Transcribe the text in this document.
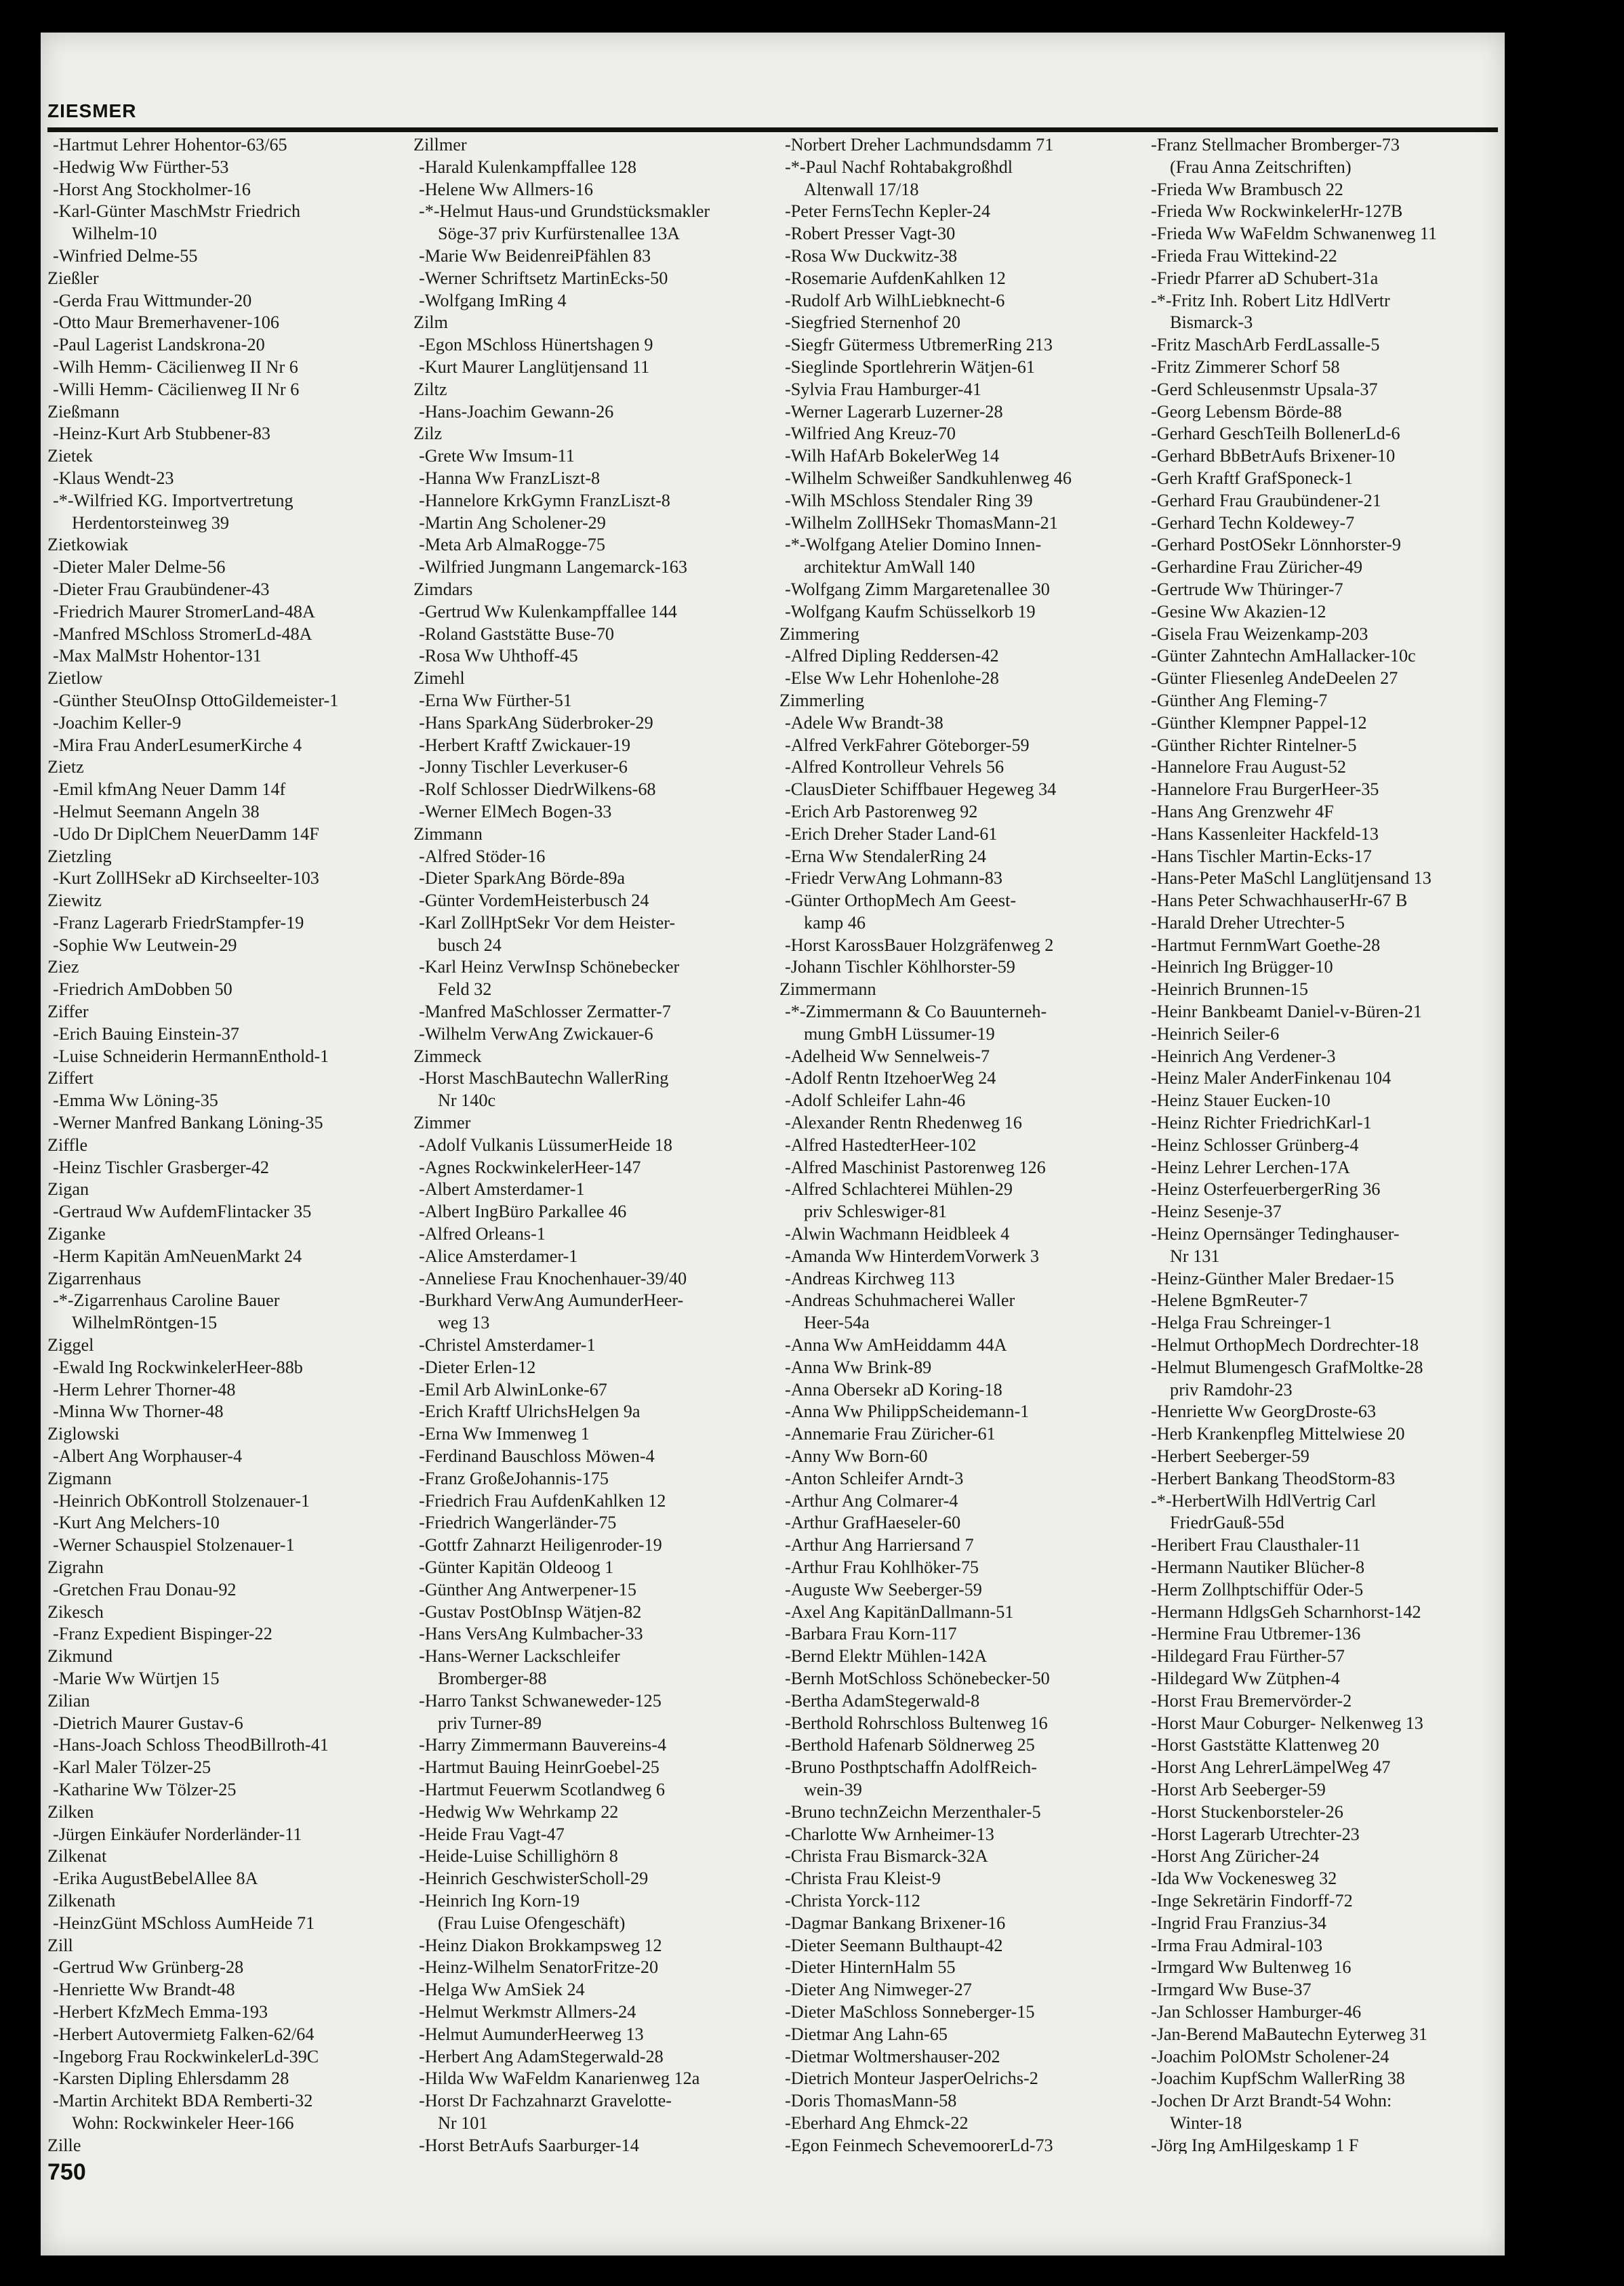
ZIESMER
- Hartmut Lehrer Hohentor-63/65
- Hedwig Ww Fürther-53
- Horst Ang Stockholmer-16
- Karl-Günter MaschMstr Friedrich
Wilhelm-10
- Winfried Delme-55
Zießler
- Gerda Frau Wittmunder-20
- Otto Maur Bremerhavener-106
- Paul Lagerist Landskrona-20
- Wilh Hemm- Cäcilienweg II Nr 6
- Willi Hemm- Cäcilienweg II Nr 6
Zießmann
- Heinz-Kurt Arb Stubbener-83
Zietek
- Klaus Wendt-23
- *-Wilfried KG. Importvertretung
Herdentorsteinweg 39
Zietkowiak
- Dieter Maler Delme-56
- Dieter Frau Graubündener-43
- Friedrich Maurer StromerLand-48A
- Manfred MSchloss StromerLd-48A
- Max MalMstr Hohentor-131
Zietlow
- Günther SteuOInsp OttoGildemeister-1
- Joachim Keller-9
- Mira Frau AnderLesumerKirche 4
Zietz
- Emil kfmAng Neuer Damm 14f
- Helmut Seemann Angeln 38
- Udo Dr DiplChem NeuerDamm 14F
Zietzling
- Kurt ZollHSekr aD Kirchseelter-103
Ziewitz
- Franz Lagerarb FriedrStampfer-19
- Sophie Ww Leutwein-29
Ziez
- Friedrich AmDobben 50
Ziffer
- Erich Bauing Einstein-37
- Luise Schneiderin HermannEnthold-1
Ziffert
- Emma Ww Löning-35
- Werner Manfred Bankang Löning-35
Ziffle
- Heinz Tischler Grasberger-42
Zigan
- Gertraud Ww AufdemFlintacker 35
Ziganke
- Herm Kapitän AmNeuenMarkt 24
Zigarrenhaus
- *-Zigarrenhaus Caroline Bauer
WilhelmRöntgen-15
Ziggel
- Ewald Ing RockwinkelerHeer-88b
- Herm Lehrer Thorner-48
- Minna Ww Thorner-48
Ziglowski
- Albert Ang Worphauser-4
Zigmann
- Heinrich ObKontroll Stolzenauer-1
- Kurt Ang Melchers-10
- Werner Schauspiel Stolzenauer-1
Zigrahn
- Gretchen Frau Donau-92
Zikesch
- Franz Expedient Bispinger-22
Zikmund
- Marie Ww Würtjen 15
Zilian
- Dietrich Maurer Gustav-6
- Hans-Joach Schloss TheodBillroth-41
- Karl Maler Tölzer-25
- Katharine Ww Tölzer-25
Zilken
- Jürgen Einkäufer Norderländer-11
Zilkenat
- Erika AugustBebelAllee 8A
Zilkenath
- HeinzGünt MSchloss AumHeide 71
Zill
- Gertrud Ww Grünberg-28
- Henriette Ww Brandt-48
- Herbert KfzMech Emma-193
- Herbert Autovermietg Falken-62/64
- Ingeborg Frau RockwinkelerLd-39C
- Karsten Dipling Ehlersdamm 28
- Martin Architekt BDA Remberti-32
Wohn: Rockwinkeler Heer-166
Zille
Zillmer
- Harald Kulenkampffallee 128
- Helene Ww Allmers-16
- *-Helmut Haus-und Grundstücksmakler
Söge-37 priv Kurfürstenallee 13A
- Marie Ww BeidenreiPfählen 83
- Werner Schriftsetz MartinEcks-50
- Wolfgang ImRing 4
Zilm
- Egon MSchloss Hünertshagen 9
- Kurt Maurer Langlütjensand 11
Ziltz
- Hans-Joachim Gewann-26
Zilz
- Grete Ww Imsum-11
- Hanna Ww FranzLiszt-8
- Hannelore KrkGymn FranzLiszt-8
- Martin Ang Scholener-29
- Meta Arb AlmaRogge-75
- Wilfried Jungmann Langemarck-163
Zimdars
- Gertrud Ww Kulenkampffallee 144
- Roland Gaststätte Buse-70
- Rosa Ww Uhthoff-45
Zimehl
- Erna Ww Fürther-51
- Hans SparkAng Süderbroker-29
- Herbert Kraftf Zwickauer-19
- Jonny Tischler Leverkuser-6
- Rolf Schlosser DiedrWilkens-68
- Werner ElMech Bogen-33
Zimmann
- Alfred Stöder-16
- Dieter SparkAng Börde-89a
- Günter VordemHeisterbusch 24
- Karl ZollHptSekr Vor dem Heister-
busch 24
- Karl Heinz VerwInsp Schönebecker
Feld 32
- Manfred MaSchlosser Zermatter-7
- Wilhelm VerwAng Zwickauer-6
Zimmeck
- Horst MaschBautechn WallerRing
Nr 140c
Zimmer
- Adolf Vulkanis LüssumerHeide 18
- Agnes RockwinkelerHeer-147
- Albert Amsterdamer-1
- Albert IngBüro Parkallee 46
- Alfred Orleans-1
- Alice Amsterdamer-1
- Anneliese Frau Knochenhauer-39/40
- Burkhard VerwAng AumunderHeer-
weg 13
- Christel Amsterdamer-1
- Dieter Erlen-12
- Emil Arb AlwinLonke-67
- Erich Kraftf UlrichsHelgen 9a
- Erna Ww Immenweg 1
- Ferdinand Bauschloss Möwen-4
- Franz GroßeJohannis-175
- Friedrich Frau AufdenKahlken 12
- Friedrich Wangerländer-75
- Gottfr Zahnarzt Heiligenroder-19
- Günter Kapitän Oldeoog 1
- Günther Ang Antwerpener-15
- Gustav PostObInsp Wätjen-82
- Hans VersAng Kulmbacher-33
- Hans-Werner Lackschleifer
Bromberger-88
- Harro Tankst Schwaneweder-125
priv Turner-89
- Harry Zimmermann Bauvereins-4
- Hartmut Bauing HeinrGoebel-25
- Hartmut Feuerwm Scotlandweg 6
- Hedwig Ww Wehrkamp 22
- Heide Frau Vagt-47
- Heide-Luise Schillighörn 8
- Heinrich GeschwisterScholl-29
- Heinrich Ing Korn-19
(Frau Luise Ofengeschäft)
- Heinz Diakon Brokkampsweg 12
- Heinz-Wilhelm SenatorFritze-20
- Helga Ww AmSiek 24
- Helmut Werkmstr Allmers-24
- Helmut AumunderHeerweg 13
- Herbert Ang AdamStegerwald-28
- Hilda Ww WaFeldm Kanarienweg 12a
- Horst Dr Fachzahnarzt Gravelotte-
Nr 101
- Horst BetrAufs Saarburger-14
- Norbert Dreher Lachmundsdamm 71
- *-Paul Nachf Rohtabakgroßhdl
Altenwall 17/18
- Peter FernsTechn Kepler-24
- Robert Presser Vagt-30
- Rosa Ww Duckwitz-38
- Rosemarie AufdenKahlken 12
- Rudolf Arb WilhLiebknecht-6
- Siegfried Sternenhof 20
- Siegfr Gütermess UtbremerRing 213
- Sieglinde Sportlehrerin Wätjen-61
- Sylvia Frau Hamburger-41
- Werner Lagerarb Luzerner-28
- Wilfried Ang Kreuz-70
- Wilh HafArb BokelerWeg 14
- Wilhelm Schweißer Sandkuhlenweg 46
- Wilh MSchloss Stendaler Ring 39
- Wilhelm ZollHSekr ThomasMann-21
- *-Wolfgang Atelier Domino Innen-
architektur AmWall 140
- Wolfgang Zimm Margaretenallee 30
- Wolfgang Kaufm Schüsselkorb 19
Zimmering
- Alfred Dipling Reddersen-42
- Else Ww Lehr Hohenlohe-28
Zimmerling
- Adele Ww Brandt-38
- Alfred VerkFahrer Göteborger-59
- Alfred Kontrolleur Vehrels 56
- ClausDieter Schiffbauer Hegeweg 34
- Erich Arb Pastorenweg 92
- Erich Dreher Stader Land-61
- Erna Ww StendalerRing 24
- Friedr VerwAng Lohmann-83
- Günter OrthopMech Am Geest-
kamp 46
- Horst KarossBauer Holzgräfenweg 2
- Johann Tischler Köhlhorster-59
Zimmermann
- *-Zimmermann & Co Bauunterneh-
mung GmbH Lüssumer-19
- Adelheid Ww Sennelweis-7
- Adolf Rentn ItzehoerWeg 24
- Adolf Schleifer Lahn-46
- Alexander Rentn Rhedenweg 16
- Alfred HastedterHeer-102
- Alfred Maschinist Pastorenweg 126
- Alfred Schlachterei Mühlen-29
priv Schleswiger-81
- Alwin Wachmann Heidbleek 4
- Amanda Ww HinterdemVorwerk 3
- Andreas Kirchweg 113
- Andreas Schuhmacherei Waller
Heer-54a
- Anna Ww AmHeiddamm 44A
- Anna Ww Brink-89
- Anna Obersekr aD Koring-18
- Anna Ww PhilippScheidemann-1
- Annemarie Frau Züricher-61
- Anny Ww Born-60
- Anton Schleifer Arndt-3
- Arthur Ang Colmarer-4
- Arthur GrafHaeseler-60
- Arthur Ang Harriersand 7
- Arthur Frau Kohlhöker-75
- Auguste Ww Seeberger-59
- Axel Ang KapitänDallmann-51
- Barbara Frau Korn-117
- Bernd Elektr Mühlen-142A
- Bernh MotSchloss Schönebecker-50
- Bertha AdamStegerwald-8
- Berthold Rohrschloss Bultenweg 16
- Berthold Hafenarb Söldnerweg 25
- Bruno Posthptschaffn AdolfReich-
wein-39
- Bruno technZeichn Merzenthaler-5
- Charlotte Ww Arnheimer-13
- Christa Frau Bismarck-32A
- Christa Frau Kleist-9
- Christa Yorck-112
- Dagmar Bankang Brixener-16
- Dieter Seemann Bulthaupt-42
- Dieter HinternHalm 55
- Dieter Ang Nimweger-27
- Dieter MaSchloss Sonneberger-15
- Dietmar Ang Lahn-65
- Dietmar Woltmershauser-202
- Dietrich Monteur JasperOelrichs-2
- Doris ThomasMann-58
- Eberhard Ang Ehmck-22
- Egon Feinmech SchevemoorerLd-73
- Franz Stellmacher Bromberger-73
(Frau Anna Zeitschriften)
- Frieda Ww Brambusch 22
- Frieda Ww RockwinkelerHr-127B
- Frieda Ww WaFeldm Schwanenweg 11
- Frieda Frau Wittekind-22
- Friedr Pfarrer aD Schubert-31a
- *-Fritz Inh. Robert Litz HdlVertr
Bismarck-3
- Fritz MaschArb FerdLassalle-5
- Fritz Zimmerer Schorf 58
- Gerd Schleusenmstr Upsala-37
- Georg Lebensm Börde-88
- Gerhard GeschTeilh BollenerLd-6
- Gerhard BbBetrAufs Brixener-10
- Gerh Kraftf GrafSponeck-1
- Gerhard Frau Graubündener-21
- Gerhard Techn Koldewey-7
- Gerhard PostOSekr Lönnhorster-9
- Gerhardine Frau Züricher-49
- Gertrude Ww Thüringer-7
- Gesine Ww Akazien-12
- Gisela Frau Weizenkamp-203
- Günter Zahntechn AmHallacker-10c
- Günter Fliesenleg AndeDeelen 27
- Günther Ang Fleming-7
- Günther Klempner Pappel-12
- Günther Richter Rintelner-5
- Hannelore Frau August-52
- Hannelore Frau BurgerHeer-35
- Hans Ang Grenzwehr 4F
- Hans Kassenleiter Hackfeld-13
- Hans Tischler Martin-Ecks-17
- Hans-Peter MaSchl Langlütjensand 13
- Hans Peter SchwachhauserHr-67 B
- Harald Dreher Utrechter-5
- Hartmut FernmWart Goethe-28
- Heinrich Ing Brügger-10
- Heinrich Brunnen-15
- Heinr Bankbeamt Daniel-v-Büren-21
- Heinrich Seiler-6
- Heinrich Ang Verdener-3
- Heinz Maler AnderFinkenau 104
- Heinz Stauer Eucken-10
- Heinz Richter FriedrichKarl-1
- Heinz Schlosser Grünberg-4
- Heinz Lehrer Lerchen-17A
- Heinz OsterfeuerbergerRing 36
- Heinz Sesenje-37
- Heinz Opernsänger Tedinghauser-
Nr 131
- Heinz-Günther Maler Bredaer-15
- Helene BgmReuter-7
- Helga Frau Schreinger-1
- Helmut OrthopMech Dordrechter-18
- Helmut Blumengesch GrafMoltke-28
priv Ramdohr-23
- Henriette Ww GeorgDroste-63
- Herb Krankenpfleg Mittelwiese 20
- Herbert Seeberger-59
- Herbert Bankang TheodStorm-83
- *-HerbertWilh HdlVertrig Carl
FriedrGauß-55d
- Heribert Frau Clausthaler-11
- Hermann Nautiker Blücher-8
- Herm Zollhptschiffür Oder-5
- Hermann HdlgsGeh Scharnhorst-142
- Hermine Frau Utbremer-136
- Hildegard Frau Fürther-57
- Hildegard Ww Zütphen-4
- Horst Frau Bremervörder-2
- Horst Maur Coburger- Nelkenweg 13
- Horst Gaststätte Klattenweg 20
- Horst Ang LehrerLämpelWeg 47
- Horst Arb Seeberger-59
- Horst Stuckenborsteler-26
- Horst Lagerarb Utrechter-23
- Horst Ang Züricher-24
- Ida Ww Vockenesweg 32
- Inge Sekretärin Findorff-72
- Ingrid Frau Franzius-34
- Irma Frau Admiral-103
- Irmgard Ww Bultenweg 16
- Irmgard Ww Buse-37
- Jan Schlosser Hamburger-46
- Jan-Berend MaBautechn Eyterweg 31
- Joachim PolOMstr Scholener-24
- Joachim KupfSchm WallerRing 38
- Jochen Dr Arzt Brandt-54 Wohn:
Winter-18
- Jörg Ing AmHilgeskamp 1 F
750
